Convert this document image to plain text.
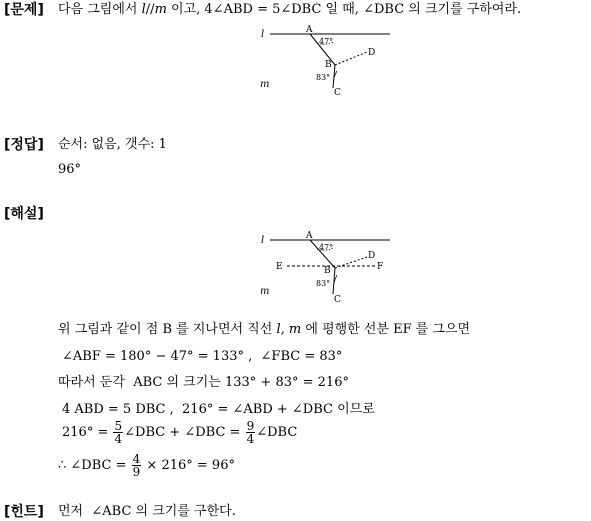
[문제] 다음 그림에서 l//m 이고, 4∠ABD = 5∠DBC 일 때, ∠DBC 의 크기를 구하여라.
l	A
47°
D
B
83°
m
C
[정답] 순서: 없음, 갯수: 1
96°
[해설]
l	A
47°
D
E	F
B
83°
m
C
위 그림과 같이 점 B 를 지나면서 직선 l, m 에 평행한 선분 EF 를 그으면
∠ABF = 180° − 47° = 133° , ∠FBC = 83°
따라서 둔각  ABC 의 크기는 133° + 83° = 216°
4 ABD = 5 DBC , 216° = ∠ABD + ∠DBC 이므로
$216^\circ = \frac{5}{4}$ ∠DBC + ∠DBC = $\frac{9}{4}$ ∠DBC
∴ ∠DBC = $\frac{4}{9} \times 216^\circ = 96^\circ$
[힌트] 먼저  ∠ABC 의 크기를 구한다.
